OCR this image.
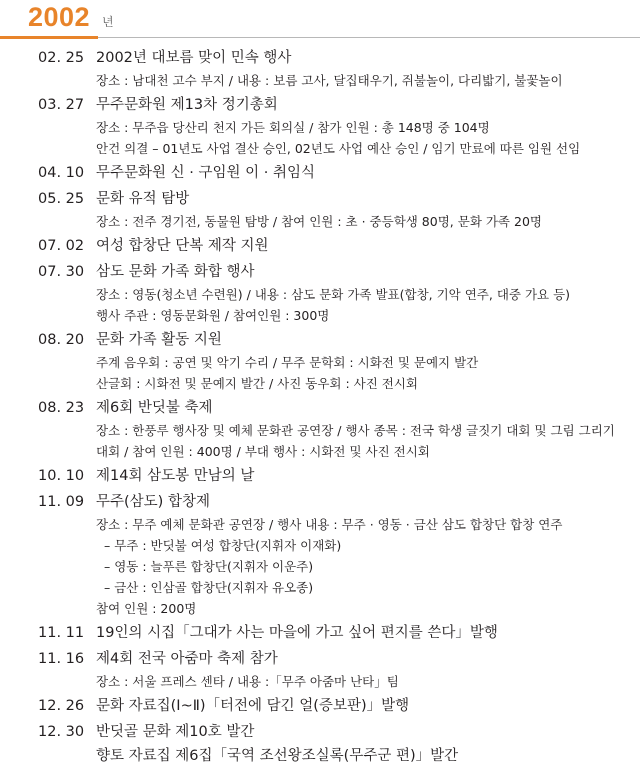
2002 년
02. 25 2002년 대보름 맞이 민속 행사
장소 : 남대천 고수 부지 / 내용 : 보름 고사, 달집태우기, 쥐불놀이, 다리밟기, 불꽃놀이
03. 27 무주문화원 제13차 정기총회
장소 : 무주읍 당산리 천지 가든 회의실 / 참가 인원 : 총 148명 중 104명
안건 의결 – 01년도 사업 결산 승인, 02년도 사업 예산 승인 / 임기 만료에 따른 임원 선임
04. 10 무주문화원 신 · 구임원 이 · 취임식
05. 25 문화 유적 탐방
장소 : 전주 경기전, 동물원 탐방 / 참여 인원 : 초 · 중등학생 80명, 문화 가족 20명
07. 02 여성 합창단 단복 제작 지원
07. 30 삼도 문화 가족 화합 행사
장소 : 영동(청소년 수련원) / 내용 : 삼도 문화 가족 발표(합창, 기악 연주, 대중 가요 등)
행사 주관 : 영동문화원 / 참여인원 : 300명
08. 20 문화 가족 활동 지원
주계 음우회 : 공연 및 악기 수리 / 무주 문학회 : 시화전 및 문예지 발간
산글회 : 시화전 및 문예지 발간 / 사진 동우회 : 사진 전시회
08. 23 제6회 반딧불 축제
장소 : 한풍루 행사장 및 예체 문화관 공연장 / 행사 종목 : 전국 학생 글짓기 대회 및 그림 그리기
대회 / 참여 인원 : 400명 / 부대 행사 : 시화전 및 사진 전시회
10. 10 제14회 삼도봉 만남의 날
11. 09 무주(삼도) 합창제
장소 : 무주 예체 문화관 공연장 / 행사 내용 : 무주 · 영동 · 금산 삼도 합창단 합창 연주
– 무주 : 반딧불 여성 합창단(지휘자 이재화)
– 영동 : 늘푸른 합창단(지휘자 이운주)
– 금산 : 인삼골 합창단(지휘자 유오종)
참여 인원 : 200명
11. 11 19인의 시집「그대가 사는 마을에 가고 싶어 편지를 쓴다」발행
11. 16 제4회 전국 아줌마 축제 참가
장소 : 서울 프레스 센타 / 내용 :「무주 아줌마 난타」팀
12. 26 문화 자료집(Ⅰ~Ⅱ)「터전에 담긴 얼(증보판)」발행
12. 30 반딧골 문화 제10호 발간
향토 자료집 제6집「국역 조선왕조실록(무주군 편)」발간
